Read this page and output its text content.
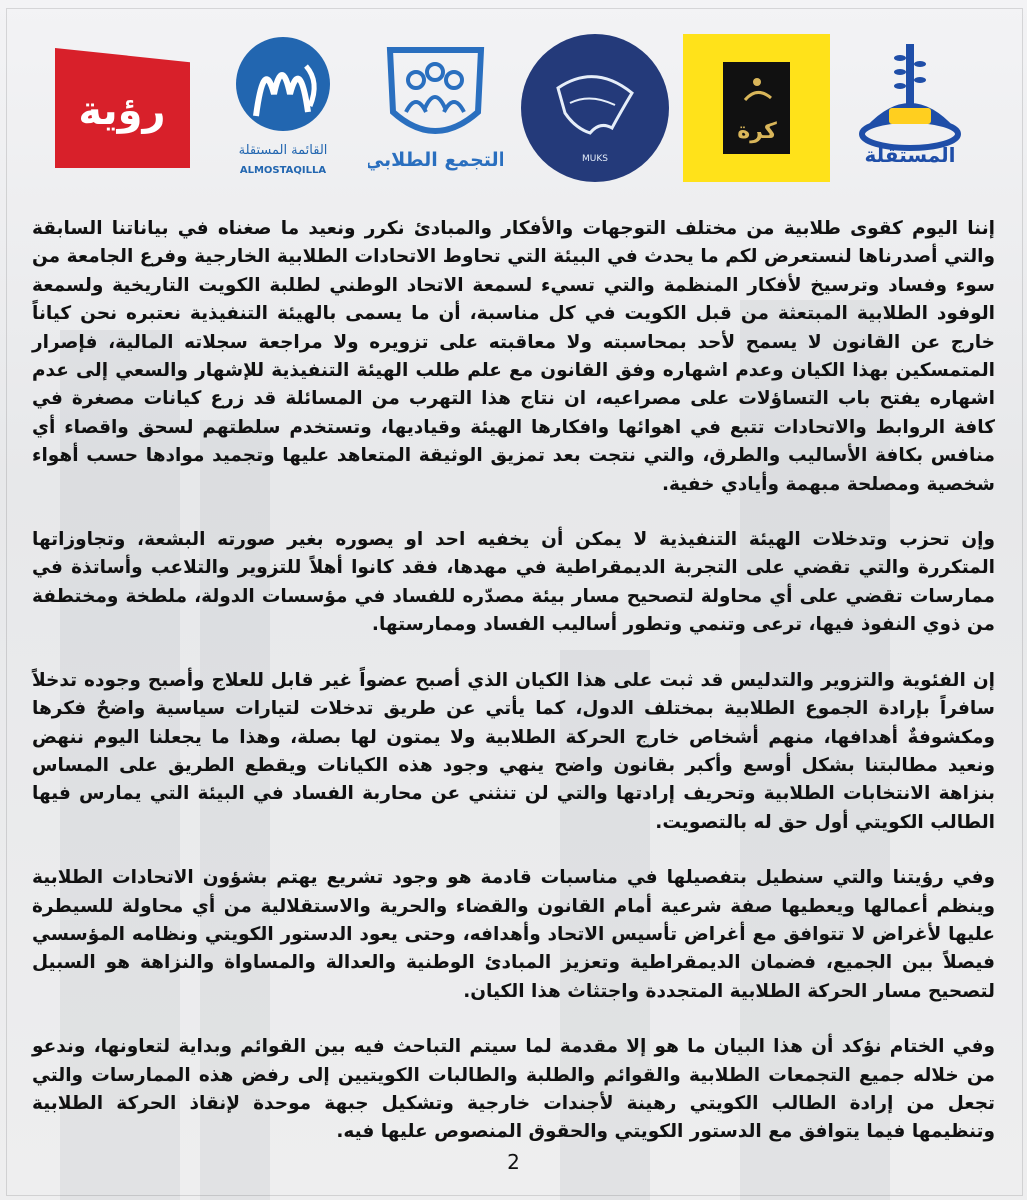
المستقلة
كرة
MUKS
التجمع الطلابي
القائمة المستقلة
ALMOSTAQILLA
رؤية

إننا اليوم كقوى طلابية من مختلف التوجهات والأفكار والمبادئ نكرر ونعيد ما صغناه في بياناتنا السابقة والتي أصدرناها لنستعرض لكم ما يحدث في البيئة التي تحاوط الاتحادات الطلابية الخارجية وفرع الجامعة من سوء وفساد وترسيخ لأفكار المنظمة والتي تسيء لسمعة الاتحاد الوطني لطلبة الكويت التاريخية ولسمعة الوفود الطلابية المبتعثة من قبل الكويت في كل مناسبة، أن ما يسمى بالهيئة التنفيذية نعتبره نحن كياناً خارج عن القانون لا يسمح لأحد بمحاسبته ولا معاقبته على تزويره ولا مراجعة سجلاته المالية، فإصرار المتمسكين بهذا الكيان وعدم اشهاره وفق القانون مع علم طلب الهيئة التنفيذية للإشهار والسعي إلى عدم اشهاره يفتح باب التساؤلات على مصراعيه، ان نتاج هذا التهرب من المسائلة قد زرع كيانات مصغرة في كافة الروابط والاتحادات تتبع في اهوائها وافكارها الهيئة وقياديها، وتستخدم سلطتهم لسحق واقصاء أي منافس بكافة الأساليب والطرق، والتي نتجت بعد تمزيق الوثيقة المتعاهد عليها وتجميد موادها حسب أهواء شخصية ومصلحة مبهمة وأيادي خفية.

وإن تحزب وتدخلات الهيئة التنفيذية لا يمكن أن يخفيه احد او يصوره بغير صورته البشعة، وتجاوزاتها المتكررة والتي تقضي على التجربة الديمقراطية في مهدها، فقد كانوا أهلاً للتزوير والتلاعب وأساتذة في ممارسات تقضي على أي محاولة لتصحيح مسار بيئة مصدّره للفساد في مؤسسات الدولة، ملطخة ومختطفة من ذوي النفوذ فيها، ترعى وتنمي وتطور أساليب الفساد وممارستها.

إن الفئوية والتزوير والتدليس قد ثبت على هذا الكيان الذي أصبح عضواً غير قابل للعلاج وأصبح وجوده تدخلاً سافراً بإرادة الجموع الطلابية بمختلف الدول، كما يأتي عن طريق تدخلات لتيارات سياسية واضحٌ فكرها ومكشوفةٌ أهدافها، منهم أشخاص خارج الحركة الطلابية ولا يمتون لها بصلة، وهذا ما يجعلنا اليوم ننهض ونعيد مطالبتنا بشكل أوسع وأكبر بقانون واضح ينهي وجود هذه الكيانات ويقطع الطريق على المساس بنزاهة الانتخابات الطلابية وتحريف إرادتها والتي لن تنثني عن محاربة الفساد في البيئة التي يمارس فيها الطالب الكويتي أول حق له بالتصويت.

وفي رؤيتنا والتي سنطيل بتفصيلها في مناسبات قادمة هو وجود تشريع يهتم بشؤون الاتحادات الطلابية وينظم أعمالها ويعطيها صفة شرعية أمام القانون والقضاء والحرية والاستقلالية من أي محاولة للسيطرة عليها لأغراض لا تتوافق مع أغراض تأسيس الاتحاد وأهدافه، وحتى يعود الدستور الكويتي ونظامه المؤسسي فيصلاً بين الجميع، فضمان الديمقراطية وتعزيز المبادئ الوطنية والعدالة والمساواة والنزاهة هو السبيل لتصحيح مسار الحركة الطلابية المتجددة واجتثاث هذا الكيان.

وفي الختام نؤكد أن هذا البيان ما هو إلا مقدمة لما سيتم التباحث فيه بين القوائم وبداية لتعاونها، وندعو من خلاله جميع التجمعات الطلابية والقوائم والطلبة والطالبات الكويتيين إلى رفض هذه الممارسات والتي تجعل من إرادة الطالب الكويتي رهينة لأجندات خارجية وتشكيل جبهة موحدة لإنقاذ الحركة الطلابية وتنظيمها فيما يتوافق مع الدستور الكويتي والحقوق المنصوص عليها فيه.

2
